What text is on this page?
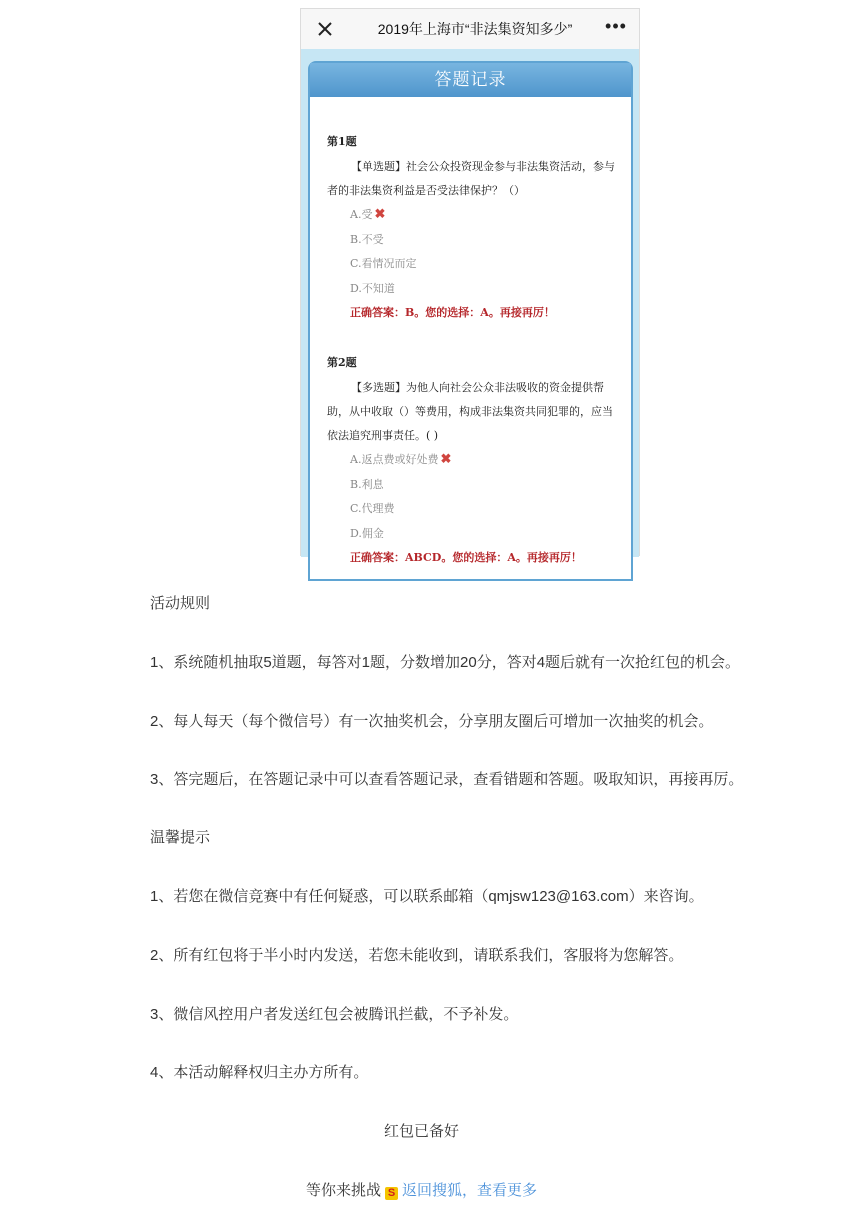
2019年上海市“非法集资知多少”	•••
答题记录
第1题
【单选题】社会公众投资现金参与非法集资活动，参与者的非法集资利益是否受法律保护？（）
A.受 ✖
B.不受
C.看情况而定
D.不知道
正确答案：B。您的选择：A。再接再厉！
第2题
【多选题】为他人向社会公众非法吸收的资金提供帮助，从中收取（）等费用，构成非法集资共同犯罪的，应当依法追究刑事责任。( )
A.返点费或好处费 ✖
B.利息
C.代理费
D.佣金
正确答案：ABCD。您的选择：A。再接再厉！
活动规则
1、系统随机抽取5道题，每答对1题，分数增加20分，答对4题后就有一次抢红包的机会。
2、每人每天（每个微信号）有一次抽奖机会，分享朋友圈后可增加一次抽奖的机会。
3、答完题后，在答题记录中可以查看答题记录，查看错题和答题。吸取知识，再接再厉。
温馨提示
1、若您在微信竞赛中有任何疑惑，可以联系邮箱（qmjsw123@163.com）来咨询。
2、所有红包将于半小时内发送，若您未能收到，请联系我们，客服将为您解答。
3、微信风控用户者发送红包会被腾讯拦截，不予补发。
4、本活动解释权归主办方所有。
红包已备好
等你来挑战 S 返回搜狐，查看更多
